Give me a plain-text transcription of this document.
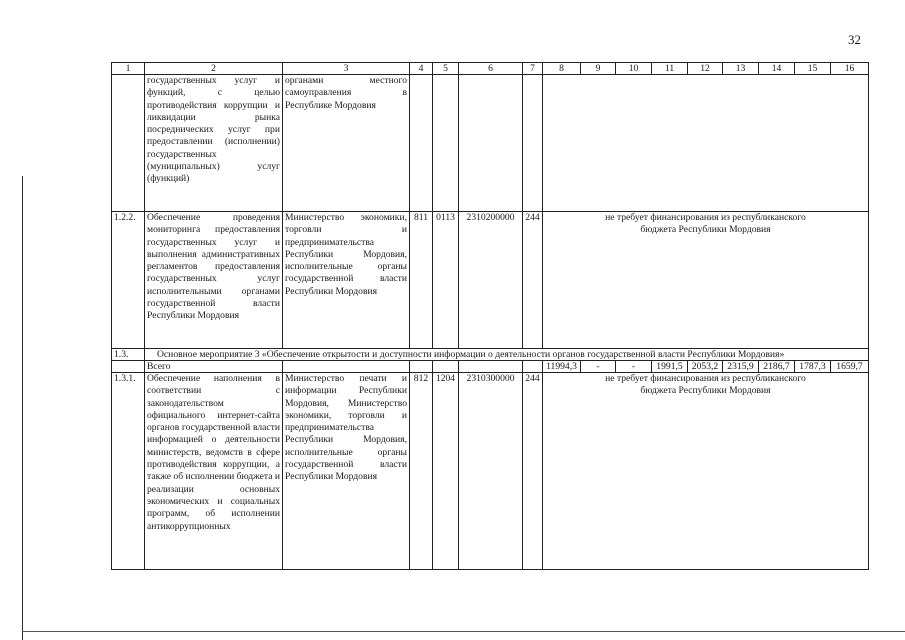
32
1	2	3	4	5	6	7	8	9	10	11	12	13	14	15	16
	государственных услуг и функций, с целью противодействия коррупции и ликвидации рынка посреднических услуг при предоставлении (исполнении) государственных (муниципальных) услуг (функций)	органами местного самоуправления в Республике Мордовия													
1.2.2.	Обеспечение проведения мониторинга предоставления государственных услуг и выполнения административных регламентов предоставления государственных услуг исполнительными органами государственной власти Республики Мордовия	Министерство экономики, торговли и предпринимательства Республики Мордовия, исполнительные органы государственной власти Республики Мордовия	811	0113	2310200000	244	не требует финансирования из республиканского бюджета Республики Мордовия								
1.3.	Основное мероприятие 3 «Обеспечение открытости и доступности информации о деятельности органов государственной власти Республики Мордовия»														
	Всего						11994,3	-	-	1991,5	2053,2	2315,9	2186,7	1787,3	1659,7
1.3.1.	Обеспечение наполнения в соответствии с законодательством официального интернет-сайта органов государственной власти информацией о деятельности министерств, ведомств в сфере противодействия коррупции, а также об исполнении бюджета и реализации основных экономических и социальных программ, об исполнении антикоррупционных	Министерство печати и информации Республики Мордовия, Министерство экономики, торговли и предпринимательства Республики Мордовия, исполнительные органы государственной власти Республики Мордовия	812	1204	2310300000	244	не требует финансирования из республиканского бюджета Республики Мордовия								
